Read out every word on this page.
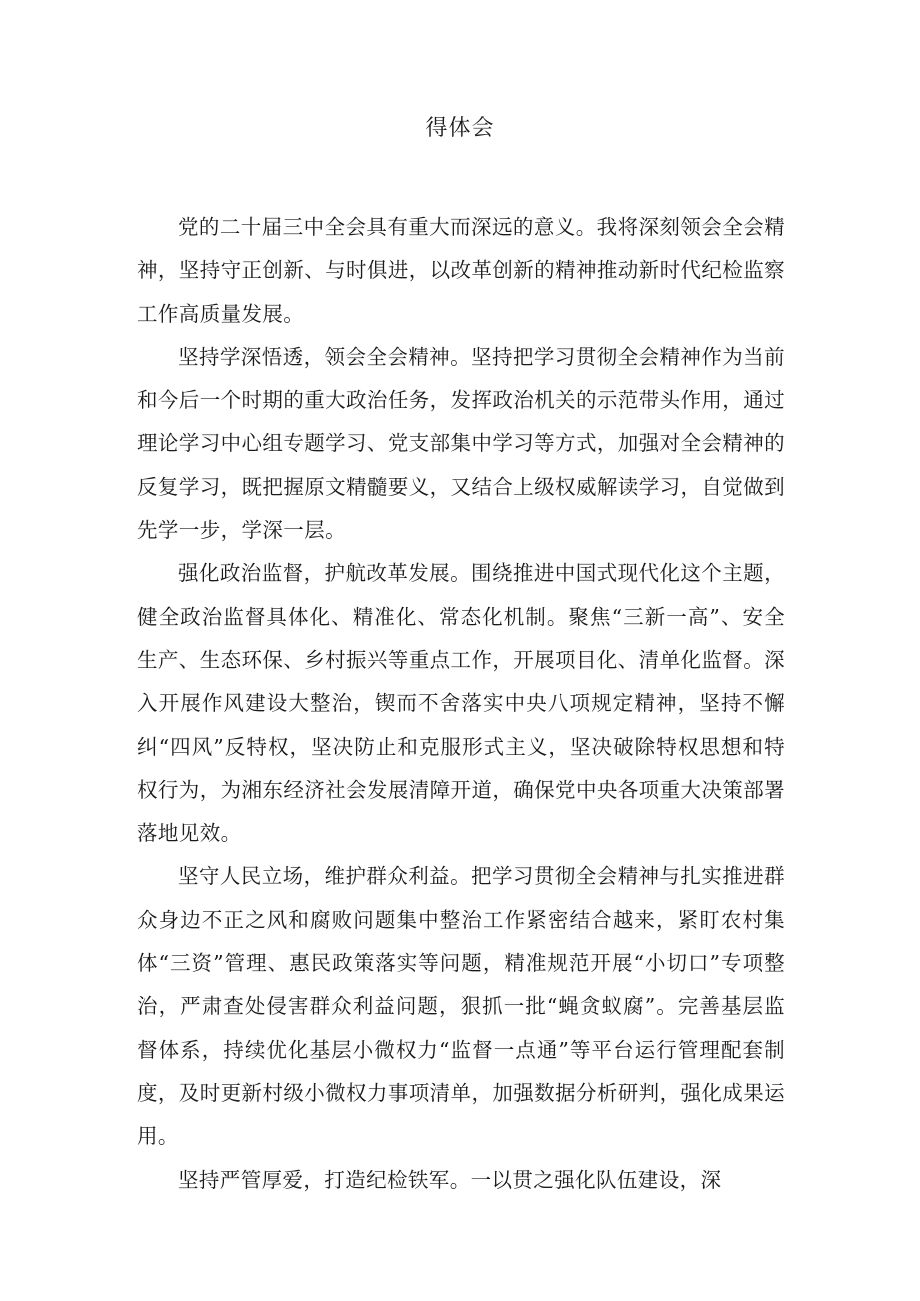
得体会

党的二十届三中全会具有重大而深远的意义。我将深刻领会全会精神，坚持守正创新、与时俱进，以改革创新的精神推动新时代纪检监察工作高质量发展。

坚持学深悟透，领会全会精神。坚持把学习贯彻全会精神作为当前和今后一个时期的重大政治任务，发挥政治机关的示范带头作用，通过理论学习中心组专题学习、党支部集中学习等方式，加强对全会精神的反复学习，既把握原文精髓要义，又结合上级权威解读学习，自觉做到先学一步，学深一层。

强化政治监督，护航改革发展。围绕推进中国式现代化这个主题，健全政治监督具体化、精准化、常态化机制。聚焦“三新一高”、安全生产、生态环保、乡村振兴等重点工作，开展项目化、清单化监督。深入开展作风建设大整治，锲而不舍落实中央八项规定精神，坚持不懈纠“四风”反特权，坚决防止和克服形式主义，坚决破除特权思想和特权行为，为湘东经济社会发展清障开道，确保党中央各项重大决策部署落地见效。

坚守人民立场，维护群众利益。把学习贯彻全会精神与扎实推进群众身边不正之风和腐败问题集中整治工作紧密结合越来，紧盯农村集体“三资”管理、惠民政策落实等问题，精准规范开展“小切口”专项整治，严肃查处侵害群众利益问题，狠抓一批“蝇贪蚁腐”。完善基层监督体系，持续优化基层小微权力“监督一点通”等平台运行管理配套制度，及时更新村级小微权力事项清单，加强数据分析研判，强化成果运用。

坚持严管厚爱，打造纪检铁军。一以贯之强化队伍建设，深
